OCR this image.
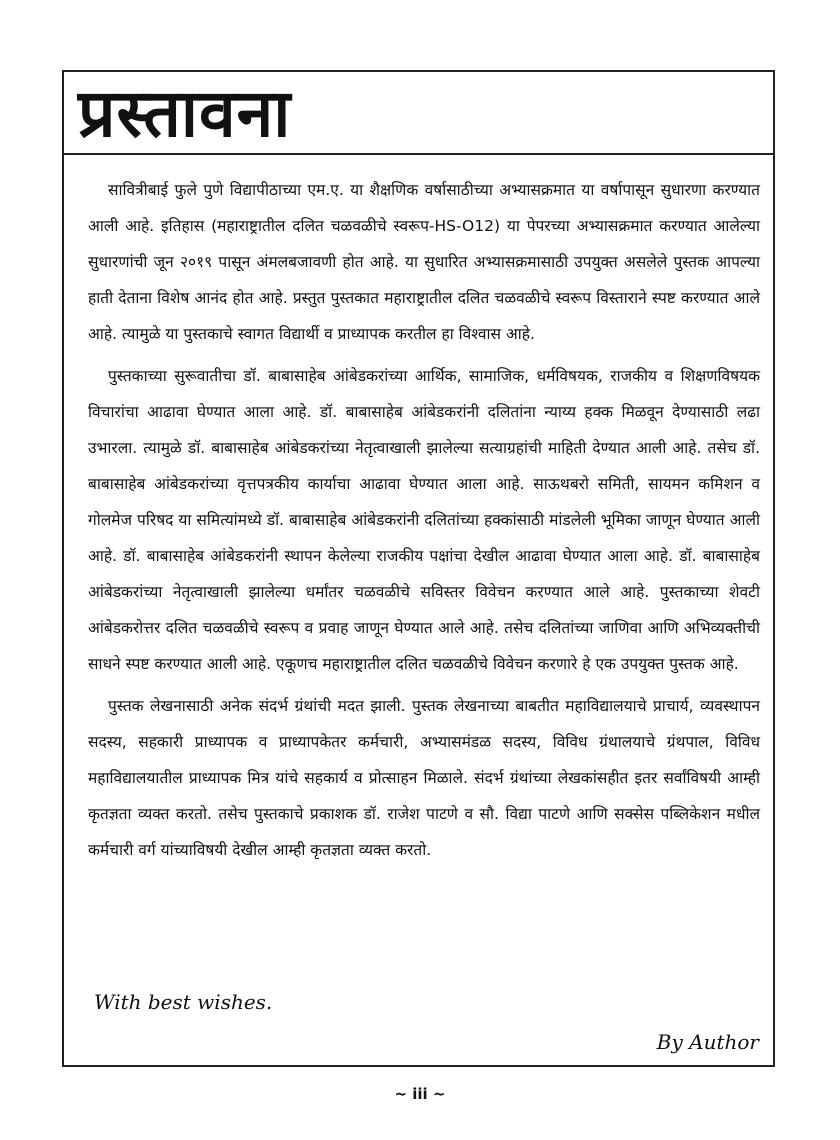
प्रस्तावना

सावित्रीबाई फुले पुणे विद्यापीठाच्या एम.ए. या शैक्षणिक वर्षासाठीच्या अभ्यासक्रमात या वर्षापासून सुधारणा करण्यात आली आहे. इतिहास (महाराष्ट्रातील दलित चळवळीचे स्वरूप-HS-O12) या पेपरच्या अभ्यासक्रमात करण्यात आलेल्या सुधारणांची जून २०१९ पासून अंमलबजावणी होत आहे. या सुधारित अभ्यासक्रमासाठी उपयुक्त असलेले पुस्तक आपल्या हाती देताना विशेष आनंद होत आहे. प्रस्तुत पुस्तकात महाराष्ट्रातील दलित चळवळीचे स्वरूप विस्ताराने स्पष्ट करण्यात आले आहे. त्यामुळे या पुस्तकाचे स्वागत विद्यार्थी व प्राध्यापक करतील हा विश्वास आहे.

पुस्तकाच्या सुरूवातीचा डॉ. बाबासाहेब आंबेडकरांच्या आर्थिक, सामाजिक, धर्मविषयक, राजकीय व शिक्षणविषयक विचारांचा आढावा घेण्यात आला आहे. डॉ. बाबासाहेब आंबेडकरांनी दलितांना न्याय्य हक्क मिळवून देण्यासाठी लढा उभारला. त्यामुळे डॉ. बाबासाहेब आंबेडकरांच्या नेतृत्वाखाली झालेल्या सत्याग्रहांची माहिती देण्यात आली आहे. तसेच डॉ. बाबासाहेब आंबेडकरांच्या वृत्तपत्रकीय कार्याचा आढावा घेण्यात आला आहे. साऊथबरो समिती, सायमन कमिशन व गोलमेज परिषद या समित्यांमध्ये डॉ. बाबासाहेब आंबेडकरांनी दलितांच्या हक्कांसाठी मांडलेली भूमिका जाणून घेण्यात आली आहे. डॉ. बाबासाहेब आंबेडकरांनी स्थापन केलेल्या राजकीय पक्षांचा देखील आढावा घेण्यात आला आहे. डॉ. बाबासाहेब आंबेडकरांच्या नेतृत्वाखाली झालेल्या धर्मांतर चळवळीचे सविस्तर विवेचन करण्यात आले आहे. पुस्तकाच्या शेवटी आंबेडकरोत्तर दलित चळवळीचे स्वरूप व प्रवाह जाणून घेण्यात आले आहे. तसेच दलितांच्या जाणिवा आणि अभिव्यक्तीची साधने स्पष्ट करण्यात आली आहे. एकूणच महाराष्ट्रातील दलित चळवळीचे विवेचन करणारे हे एक उपयुक्त पुस्तक आहे.

पुस्तक लेखनासाठी अनेक संदर्भ ग्रंथांची मदत झाली. पुस्तक लेखनाच्या बाबतीत महाविद्यालयाचे प्राचार्य, व्यवस्थापन सदस्य, सहकारी प्राध्यापक व प्राध्यापकेतर कर्मचारी, अभ्यासमंडळ सदस्य, विविध ग्रंथालयाचे ग्रंथपाल, विविध महाविद्यालयातील प्राध्यापक मित्र यांचे सहकार्य व प्रोत्साहन मिळाले. संदर्भ ग्रंथांच्या लेखकांसहीत इतर सर्वांविषयी आम्ही कृतज्ञता व्यक्त करतो. तसेच पुस्तकाचे प्रकाशक डॉ. राजेश पाटणे व सौ. विद्या पाटणे आणि सक्सेस पब्लिकेशन मधील कर्मचारी वर्ग यांच्याविषयी देखील आम्ही कृतज्ञता व्यक्त करतो.

With best wishes.
By Author
~ iii ~
